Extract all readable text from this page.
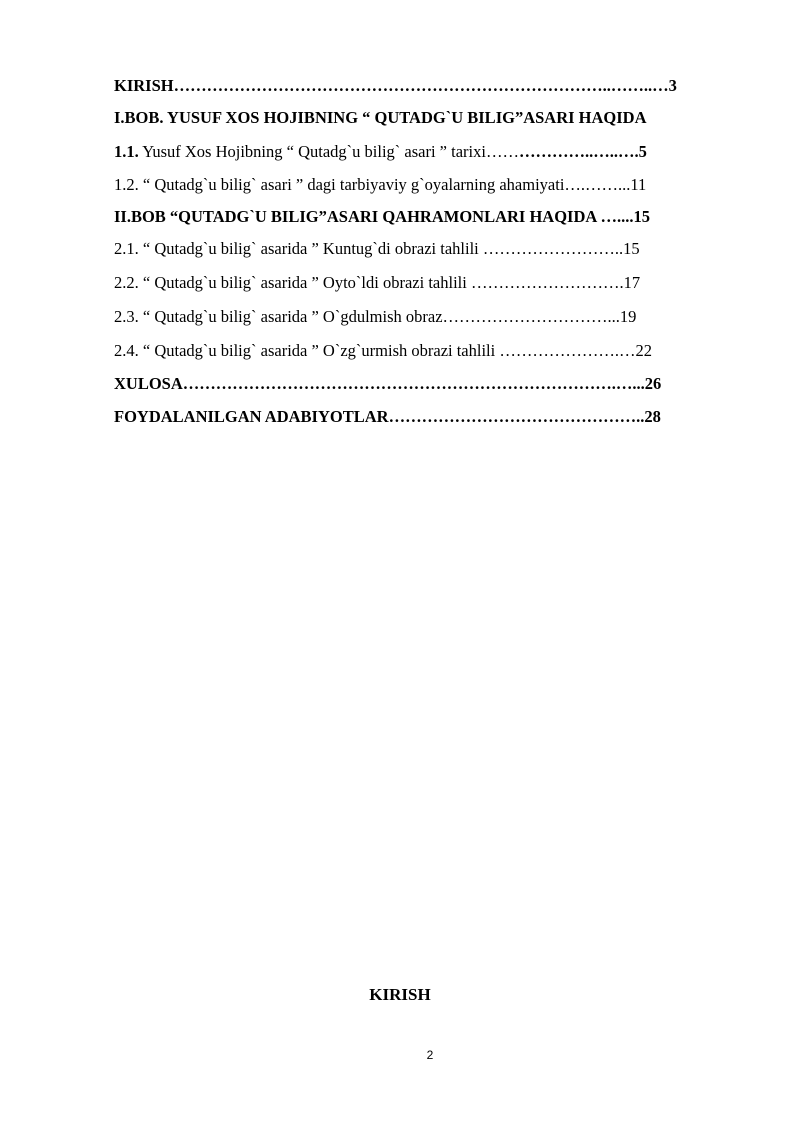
KIRISH……………………………………………………………………..……..…3
I.BOB. YUSUF XOS HOJIBNING “ QUTADG`U BILIG”ASARI HAQIDA
1.1. Yusuf Xos Hojibning “ Qutadg`u bilig` asari ” tarixi………………..…..….5
1.2. “ Qutadg`u bilig` asari ” dagi tarbiyaviy g`oyalarning ahamiyati….……...11
II.BOB “QUTADG`U BILIG”ASARI QAHRAMONLARI HAQIDA …....15
2.1. “ Qutadg`u bilig` asarida ” Kuntug`di obrazi tahlili ……………………..15
2.2. “ Qutadg`u bilig` asarida ” Oyto`ldi obrazi tahlili ……………………….17
2.3. “ Qutadg`u bilig` asarida ” O`gdulmish obraz…………………………...19
2.4. “ Qutadg`u bilig` asarida ” O`zg`urmish obrazi tahlili ………………….…22
XULOSA…………………………………………………………………….…...26
FOYDALANILGAN ADABIYOTLAR………………………………………..28
KIRISH
2
